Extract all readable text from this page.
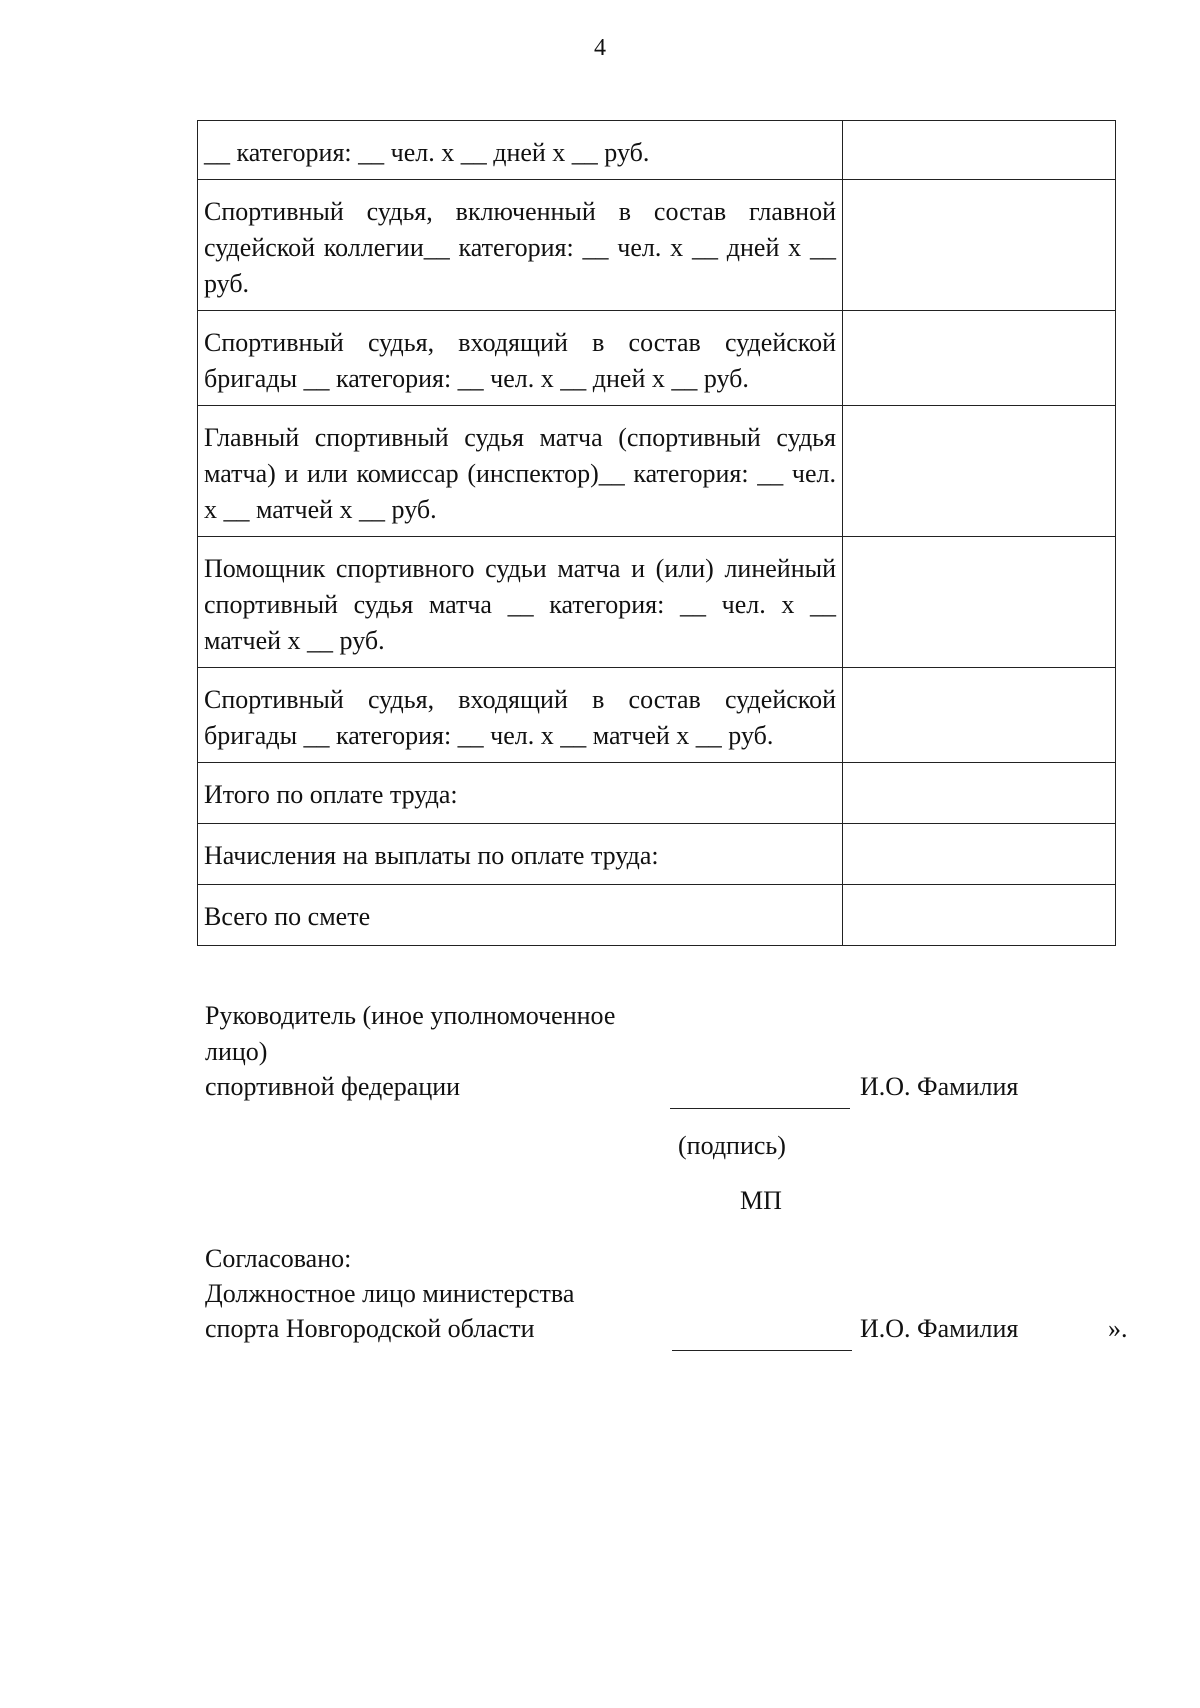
4
__ категория: __ чел. х __ дней х __ руб.	
Спортивный судья, включенный в состав главной судейской коллегии__ категория: __ чел. х __ дней х __ руб.	
Спортивный судья, входящий в состав судейской бригады __ категория: __ чел. х __ дней х __ руб.	
Главный спортивный судья матча (спортивный судья матча) и или комиссар (инспектор)__ категория: __ чел. х __ матчей х __ руб.	
Помощник спортивного судьи матча и (или) линейный спортивный судья матча __ категория: __ чел. х __ матчей х __ руб.	
Спортивный судья, входящий в состав судейской бригады __ категория: __ чел. х __ матчей х __ руб.	
Итого по оплате труда:	
Начисления на выплаты по оплате труда:	
Всего по смете	
Руководитель (иное уполномоченное
лицо)
спортивной федерации	И.О. Фамилия
(подпись)
МП
Согласовано:
Должностное лицо министерства
спорта Новгородской области	И.О. Фамилия	».
